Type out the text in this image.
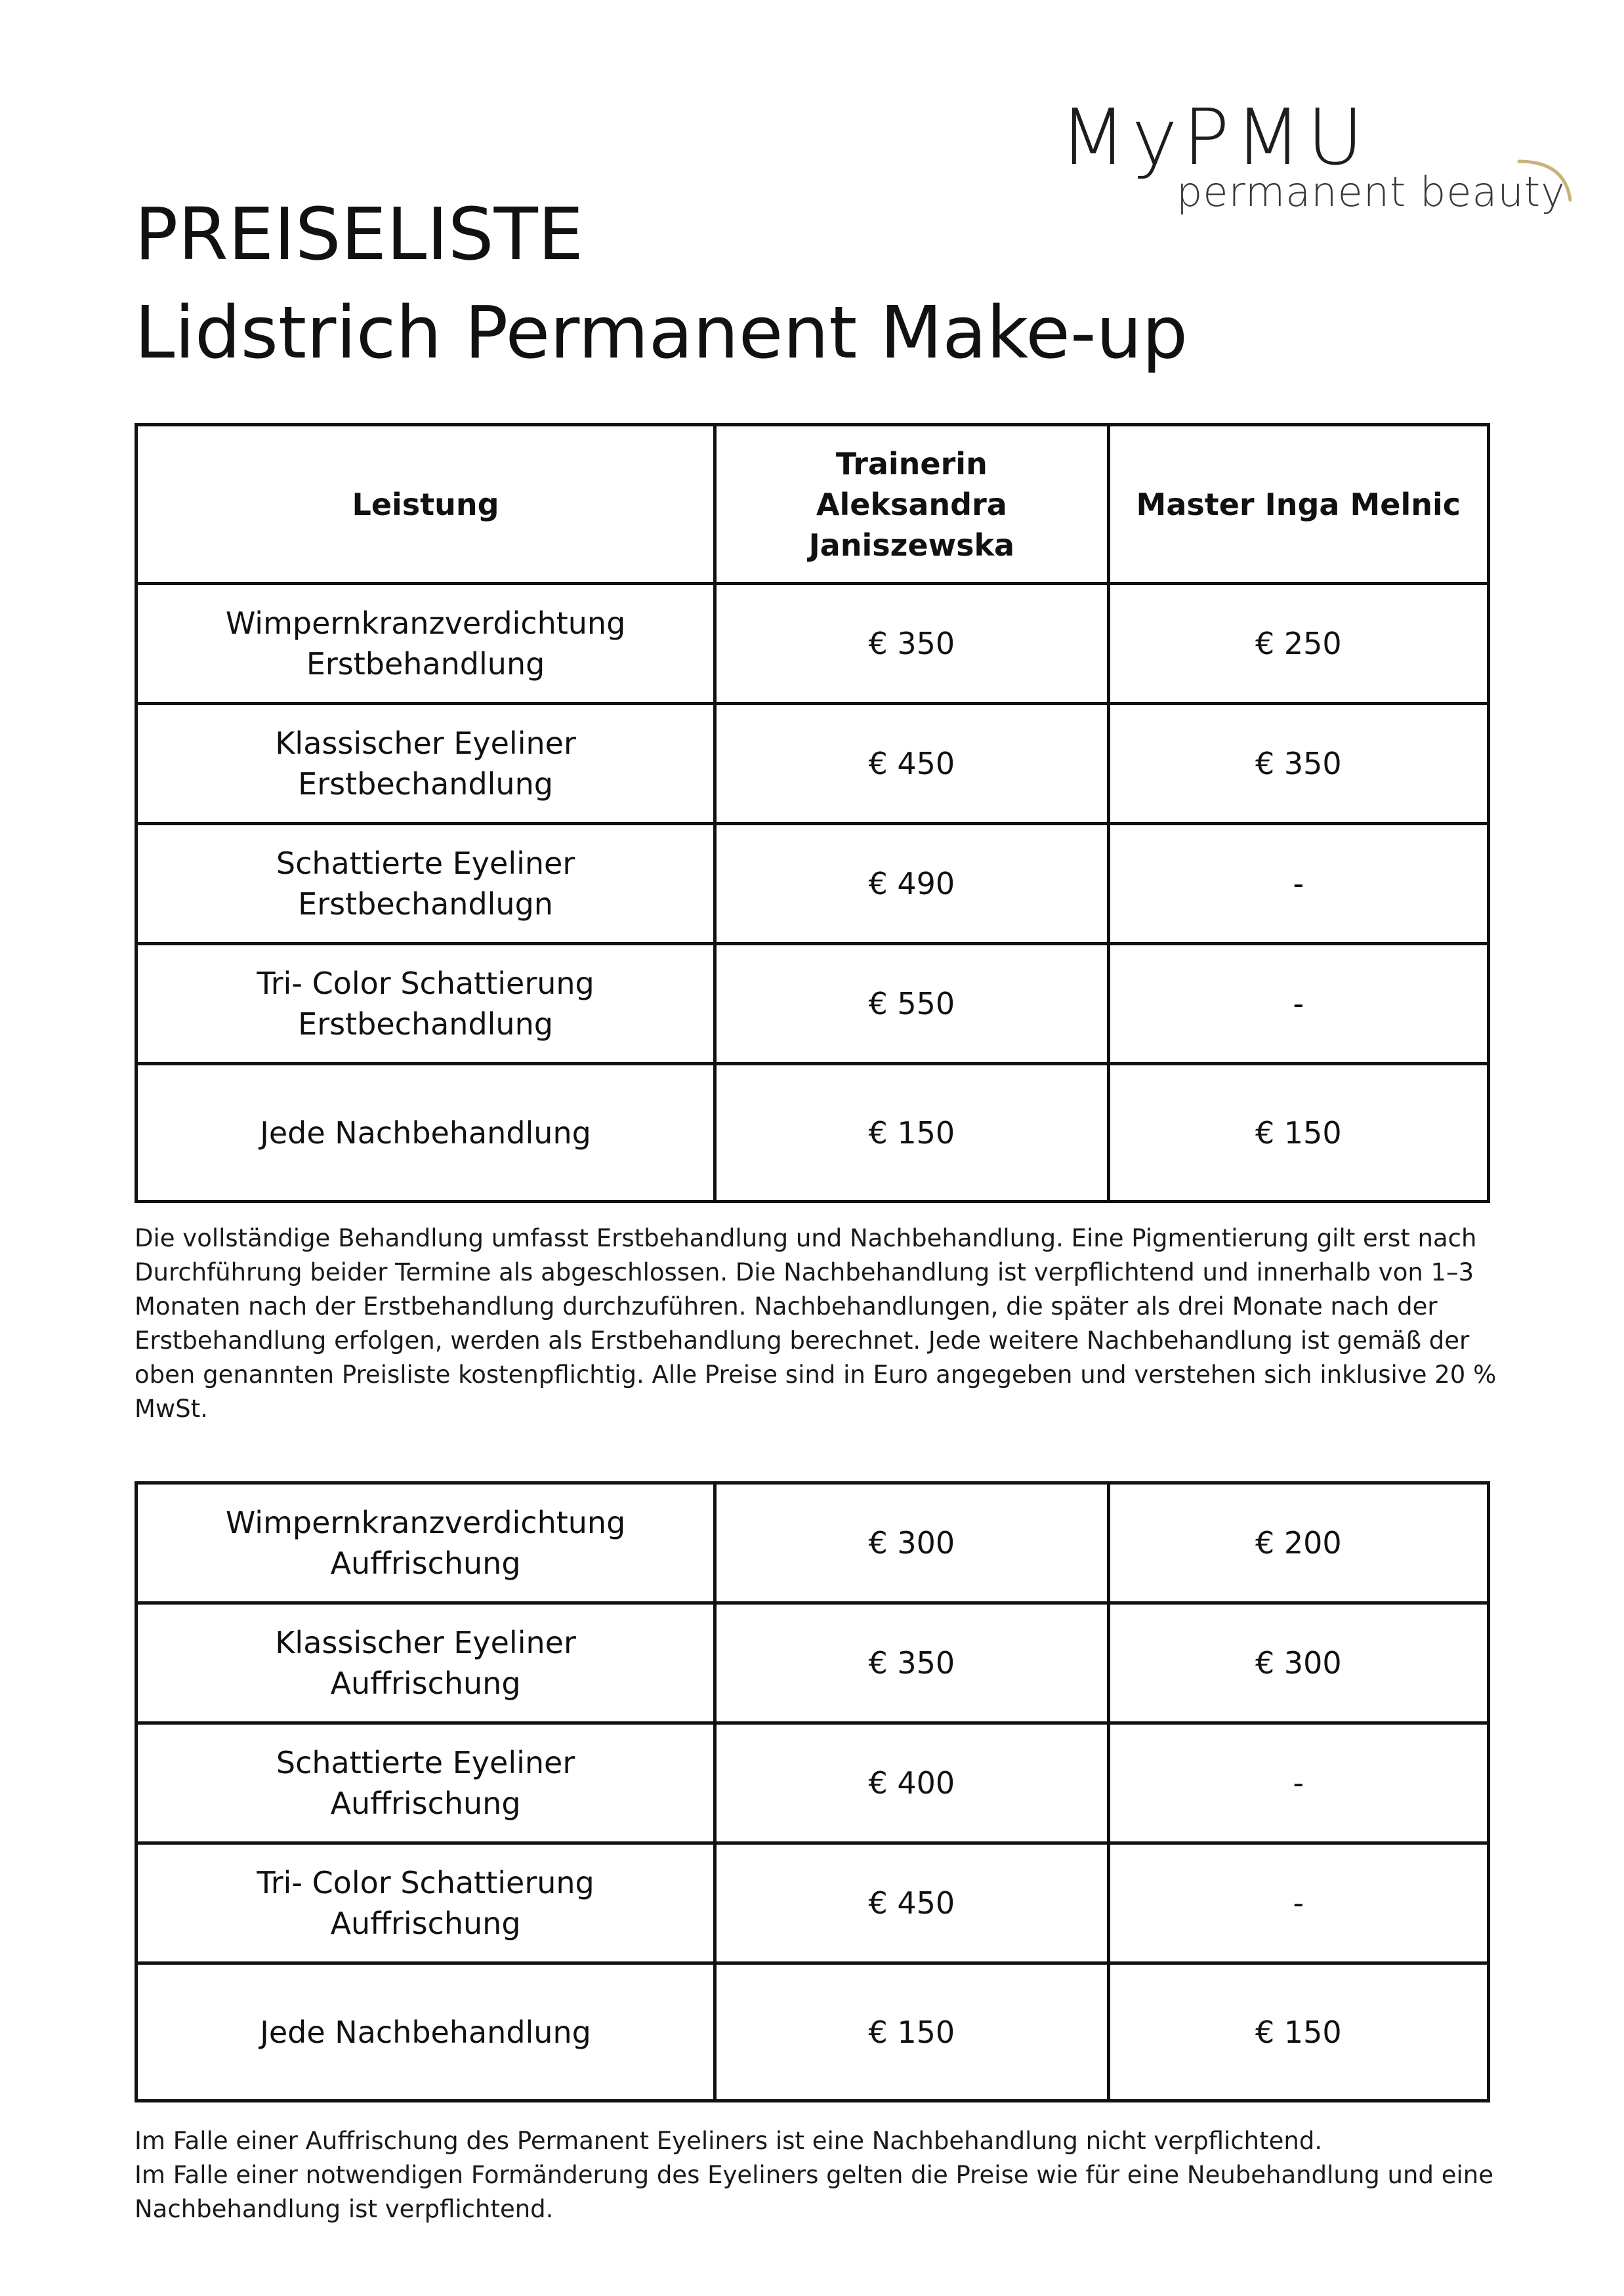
MyPMU
permanent beauty
PREISELISTE
Lidstrich Permanent Make-up
Leistung	Trainerin Aleksandra Janiszewska	Master Inga Melnic

Wimpernkranzverdichtung
Erstbehandlung	€ 350	€ 250

Klassischer Eyeliner
Erstbechandlung	€ 450	€ 350

Schattierte Eyeliner
Erstbechandlugn	€ 490	-

Tri- Color Schattierung
Erstbechandlung	€ 550	-

Jede Nachbehandlung	€ 150	€ 150

Die vollständige Behandlung umfasst Erstbehandlung und Nachbehandlung. Eine Pigmentierung gilt erst nach Durchführung beider Termine als abgeschlossen. Die Nachbehandlung ist verpflichtend und innerhalb von 1–3 Monaten nach der Erstbehandlung durchzuführen. Nachbehandlungen, die später als drei Monate nach der Erstbehandlung erfolgen, werden als Erstbehandlung berechnet. Jede weitere Nachbehandlung ist gemäß der oben genannten Preisliste kostenpflichtig. Alle Preise sind in Euro angegeben und verstehen sich inklusive 20 % MwSt.

Wimpernkranzverdichtung
Auffrischung	€ 300	€ 200

Klassischer Eyeliner
Auffrischung	€ 350	€ 300

Schattierte Eyeliner
Auffrischung	€ 400	-

Tri- Color Schattierung
Auffrischung	€ 450	-

Jede Nachbehandlung	€ 150	€ 150

Im Falle einer Auffrischung des Permanent Eyeliners ist eine Nachbehandlung nicht verpflichtend.

Im Falle einer notwendigen Formänderung des Eyeliners gelten die Preise wie für eine Neubehandlung und eine Nachbehandlung ist verpflichtend.
